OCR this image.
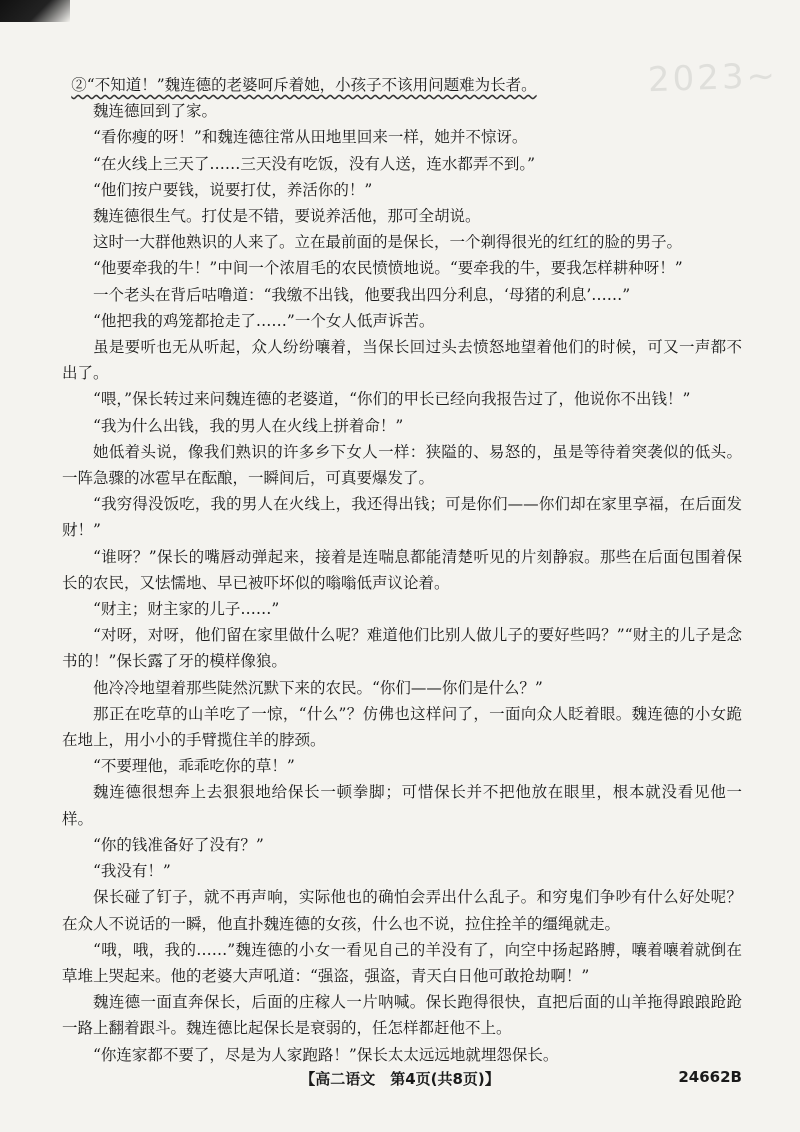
2023~

②“不知道！”魏连德的老婆呵斥着她，小孩子不该用问题难为长者。

魏连德回到了家。

“看你瘦的呀！”和魏连德往常从田地里回来一样，她并不惊讶。

“在火线上三天了……三天没有吃饭，没有人送，连水都弄不到。”

“他们按户要钱，说要打仗，养活你的！”

魏连德很生气。打仗是不错，要说养活他，那可全胡说。

这时一大群他熟识的人来了。立在最前面的是保长，一个剃得很光的红红的脸的男子。

“他要牵我的牛！”中间一个浓眉毛的农民愤愤地说。“要牵我的牛，要我怎样耕种呀！”

一个老头在背后咕噜道：“我缴不出钱，他要我出四分利息，‘母猪的利息’……”

“他把我的鸡笼都抢走了……”一个女人低声诉苦。

虽是要听也无从听起，众人纷纷嚷着，当保长回过头去愤怒地望着他们的时候，可又一声都不出了。

“喂，”保长转过来问魏连德的老婆道，“你们的甲长已经向我报告过了，他说你不出钱！”

“我为什么出钱，我的男人在火线上拼着命！”

她低着头说，像我们熟识的许多乡下女人一样：狭隘的、易怒的，虽是等待着突袭似的低头。一阵急骤的冰雹早在酝酿，一瞬间后，可真要爆发了。

“我穷得没饭吃，我的男人在火线上，我还得出钱；可是你们——你们却在家里享福，在后面发财！”

“谁呀？”保长的嘴唇动弹起来，接着是连喘息都能清楚听见的片刻静寂。那些在后面包围着保长的农民，又怯懦地、早已被吓坏似的嗡嗡低声议论着。

“财主；财主家的儿子……”

“对呀，对呀，他们留在家里做什么呢？难道他们比别人做儿子的要好些吗？”“财主的儿子是念书的！”保长露了牙的模样像狼。

他冷冷地望着那些陡然沉默下来的农民。“你们——你们是什么？”

那正在吃草的山羊吃了一惊，“什么”？仿佛也这样问了，一面向众人眨着眼。魏连德的小女跪在地上，用小小的手臂揽住羊的脖颈。

“不要理他，乖乖吃你的草！”

魏连德很想奔上去狠狠地给保长一顿拳脚；可惜保长并不把他放在眼里，根本就没看见他一样。

“你的钱准备好了没有？”

“我没有！”

保长碰了钉子，就不再声响，实际他也的确怕会弄出什么乱子。和穷鬼们争吵有什么好处呢？在众人不说话的一瞬，他直扑魏连德的女孩，什么也不说，拉住拴羊的缰绳就走。

“哦，哦，我的……”魏连德的小女一看见自己的羊没有了，向空中扬起路膊，嚷着嚷着就倒在草堆上哭起来。他的老婆大声吼道：“强盗，强盗，青天白日他可敢抢劫啊！”

魏连德一面直奔保长，后面的庄稼人一片呐喊。保长跑得很快，直把后面的山羊拖得踉踉跄跄一路上翻着跟斗。魏连德比起保长是衰弱的，任怎样都赶他不上。

“你连家都不要了，尽是为人家跑路！”保长太太远远地就埋怨保长。

【高二语文　第4页(共8页)】	24662B
